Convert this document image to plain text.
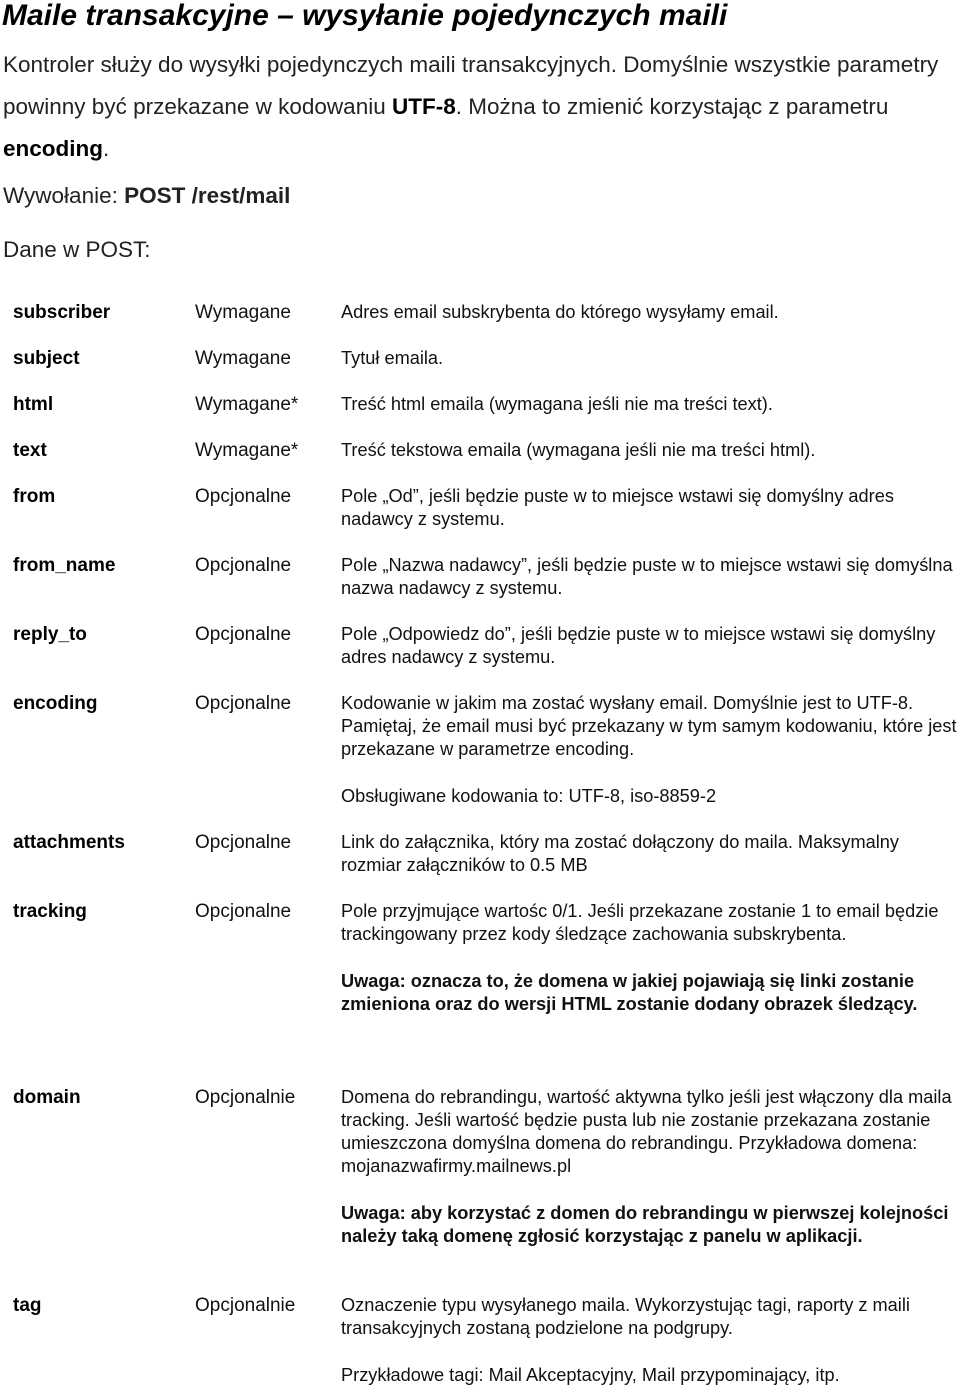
Maile transakcyjne – wysyłanie pojedynczych maili
Kontroler służy do wysyłki pojedynczych maili transakcyjnych. Domyślnie wszystkie parametry powinny być przekazane w kodowaniu UTF-8. Można to zmienić korzystając z parametru encoding.
Wywołanie: POST /rest/mail
Dane w POST:
subscriber	Wymagane	Adres email subskrybenta do którego wysyłamy email.
subject	Wymagane	Tytuł emaila.
html	Wymagane* Treść html emaila (wymagana jeśli nie ma treści text).
text	Wymagane* Treść tekstowa emaila (wymagana jeśli nie ma treści html).
from	Opcjonalne	Pole „Od”, jeśli będzie puste w to miejsce wstawi się domyślny adres nadawcy z systemu.
from_name	Opcjonalne	Pole „Nazwa nadawcy”, jeśli będzie puste w to miejsce wstawi się domyślna nazwa nadawcy z systemu.
reply_to	Opcjonalne	Pole „Odpowiedz do”, jeśli będzie puste w to miejsce wstawi się domyślny adres nadawcy z systemu.
encoding	Opcjonalne	Kodowanie w jakim ma zostać wysłany email. Domyślnie jest to UTF-8. Pamiętaj, że email musi być przekazany w tym samym kodowaniu, które jest przekazane w parametrze encoding.
Obsługiwane kodowania to: UTF-8, iso-8859-2
attachments	Opcjonalne	Link do załącznika, który ma zostać dołączony do maila. Maksymalny rozmiar załączników to 0.5 MB
tracking	Opcjonalne	Pole przyjmujące wartośc 0/1. Jeśli przekazane zostanie 1 to email będzie trackingowany przez kody śledzące zachowania subskrybenta.
Uwaga: oznacza to, że domena w jakiej pojawiają się linki zostanie zmieniona oraz do wersji HTML zostanie dodany obrazek śledzący.
domain	Opcjonalnie	Domena do rebrandingu, wartość aktywna tylko jeśli jest włączony dla maila tracking. Jeśli wartość będzie pusta lub nie zostanie przekazana zostanie umieszczona domyślna domena do rebrandingu. Przykładowa domena: mojanazwafirmy.mailnews.pl
Uwaga: aby korzystać z domen do rebrandingu w pierwszej kolejności należy taką domenę zgłosić korzystając z panelu w aplikacji.
tag	Opcjonalnie	Oznaczenie typu wysyłanego maila. Wykorzystując tagi, raporty z maili transakcyjnych zostaną podzielone na podgrupy.
Przykładowe tagi: Mail Akceptacyjny, Mail przypominający, itp.
